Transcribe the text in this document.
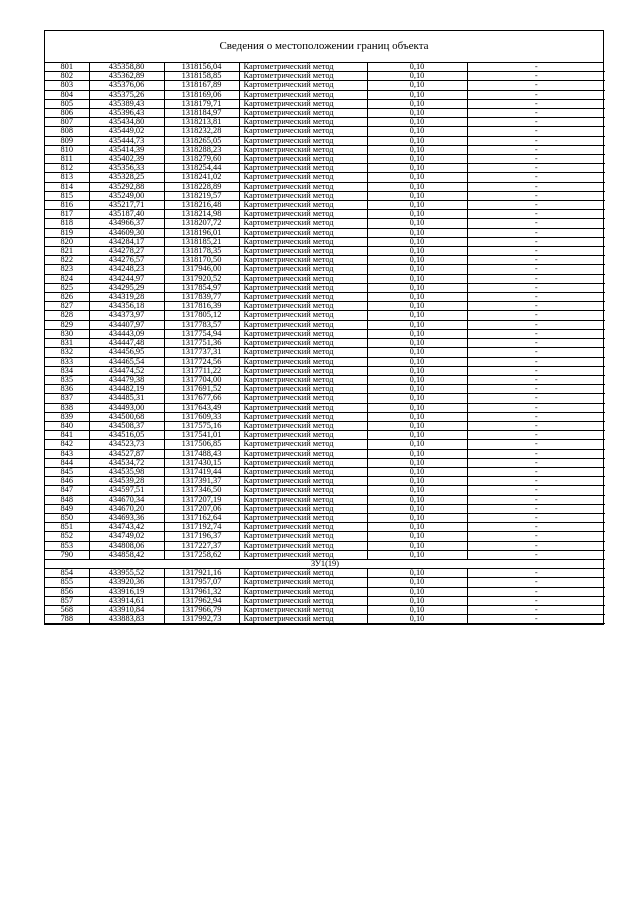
Сведения о местоположении границ объекта
801	435358,80	1318156,04	Картометрический метод	0,10	-
802	435362,89	1318158,85	Картометрический метод	0,10	-
803	435376,06	1318167,89	Картометрический метод	0,10	-
804	435375,26	1318169,06	Картометрический метод	0,10	-
805	435389,43	1318179,71	Картометрический метод	0,10	-
806	435396,43	1318184,97	Картометрический метод	0,10	-
807	435434,80	1318213,81	Картометрический метод	0,10	-
808	435449,02	1318232,28	Картометрический метод	0,10	-
809	435444,73	1318265,05	Картометрический метод	0,10	-
810	435414,39	1318288,23	Картометрический метод	0,10	-
811	435402,39	1318279,60	Картометрический метод	0,10	-
812	435356,33	1318254,44	Картометрический метод	0,10	-
813	435328,25	1318241,02	Картометрический метод	0,10	-
814	435292,88	1318228,89	Картометрический метод	0,10	-
815	435249,00	1318219,57	Картометрический метод	0,10	-
816	435217,71	1318216,48	Картометрический метод	0,10	-
817	435187,40	1318214,98	Картометрический метод	0,10	-
818	434966,37	1318207,72	Картометрический метод	0,10	-
819	434609,30	1318196,01	Картометрический метод	0,10	-
820	434284,17	1318185,21	Картометрический метод	0,10	-
821	434278,27	1318178,35	Картометрический метод	0,10	-
822	434276,57	1318170,50	Картометрический метод	0,10	-
823	434248,23	1317946,00	Картометрический метод	0,10	-
824	434244,97	1317920,52	Картометрический метод	0,10	-
825	434295,29	1317854,97	Картометрический метод	0,10	-
826	434319,28	1317839,77	Картометрический метод	0,10	-
827	434356,18	1317816,39	Картометрический метод	0,10	-
828	434373,97	1317805,12	Картометрический метод	0,10	-
829	434407,97	1317783,57	Картометрический метод	0,10	-
830	434443,09	1317754,94	Картометрический метод	0,10	-
831	434447,48	1317751,36	Картометрический метод	0,10	-
832	434456,95	1317737,31	Картометрический метод	0,10	-
833	434465,54	1317724,56	Картометрический метод	0,10	-
834	434474,52	1317711,22	Картометрический метод	0,10	-
835	434479,38	1317704,00	Картометрический метод	0,10	-
836	434482,19	1317691,52	Картометрический метод	0,10	-
837	434485,31	1317677,66	Картометрический метод	0,10	-
838	434493,00	1317643,49	Картометрический метод	0,10	-
839	434500,68	1317609,33	Картометрический метод	0,10	-
840	434508,37	1317575,16	Картометрический метод	0,10	-
841	434516,05	1317541,01	Картометрический метод	0,10	-
842	434523,73	1317506,85	Картометрический метод	0,10	-
843	434527,87	1317488,43	Картометрический метод	0,10	-
844	434534,72	1317430,15	Картометрический метод	0,10	-
845	434535,98	1317419,44	Картометрический метод	0,10	-
846	434539,28	1317391,37	Картометрический метод	0,10	-
847	434597,51	1317346,50	Картометрический метод	0,10	-
848	434670,34	1317207,19	Картометрический метод	0,10	-
849	434670,20	1317207,06	Картометрический метод	0,10	-
850	434693,36	1317162,64	Картометрический метод	0,10	-
851	434743,42	1317192,74	Картометрический метод	0,10	-
852	434749,02	1317196,37	Картометрический метод	0,10	-
853	434808,06	1317227,37	Картометрический метод	0,10	-
790	434858,42	1317258,62	Картометрический метод	0,10	-
ЗУ1(19)					
854	433955,52	1317921,16	Картометрический метод	0,10	-
855	433920,36	1317957,07	Картометрический метод	0,10	-
856	433916,19	1317961,32	Картометрический метод	0,10	-
857	433914,61	1317962,94	Картометрический метод	0,10	-
568	433910,84	1317966,79	Картометрический метод	0,10	-
788	433883,83	1317992,73	Картометрический метод	0,10	-
